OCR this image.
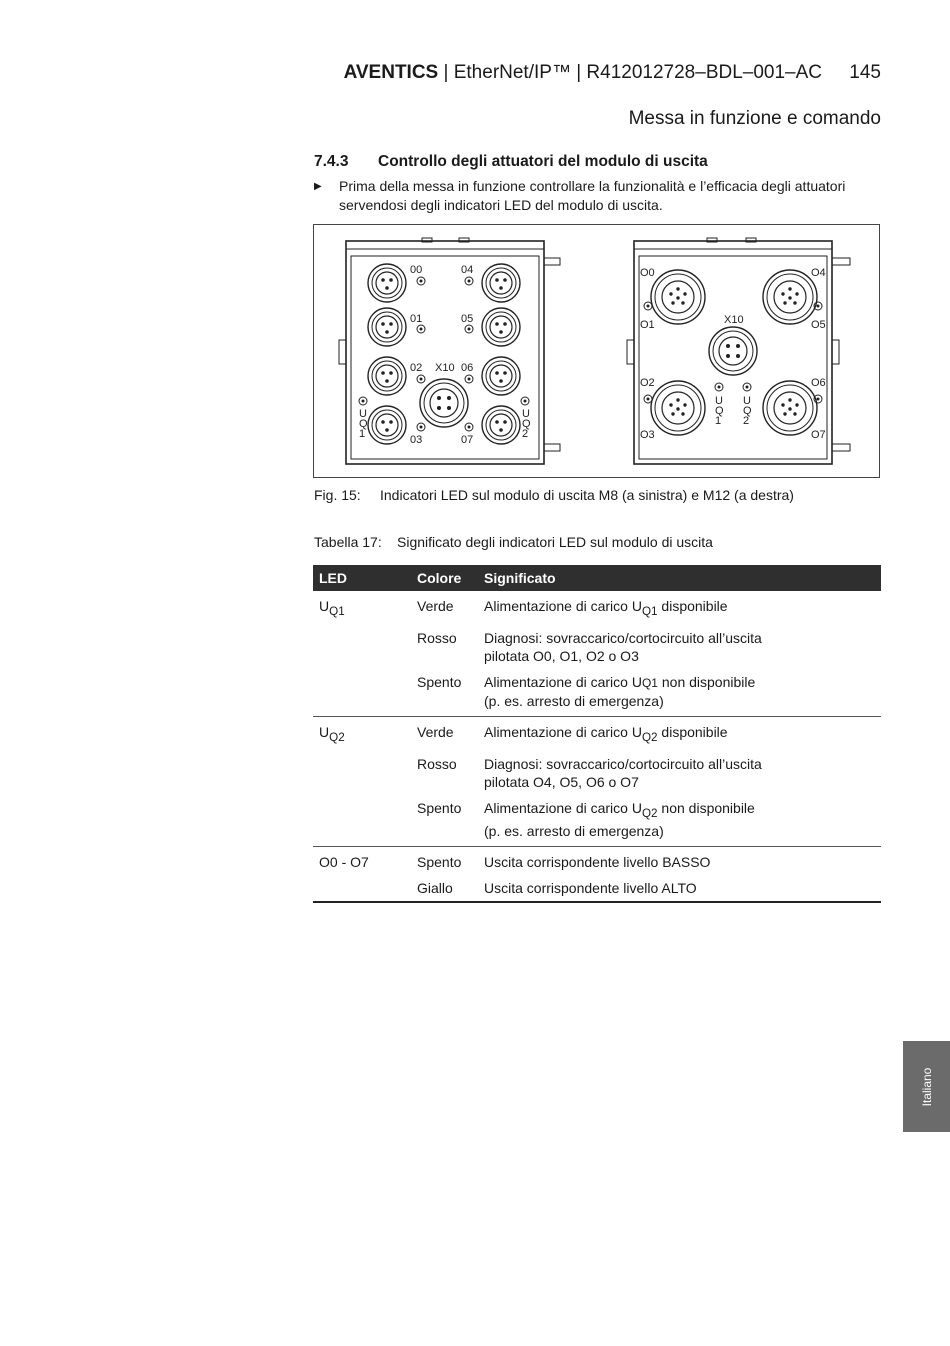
AVENTICS | EtherNet/IP™ | R412012728–BDL–001–AC 145
Messa in funzione e comando
7.4.3 Controllo degli attuatori del modulo di uscita
▶ Prima della messa in funzione controllare la funzionalità e l’efficacia degli attuatori servendosi degli indicatori LED del modulo di uscita.
00
01
02
03
04
05
06
07
X10
U
Q
1
U
Q
2
O0
O1
O4
O5
O2
O3
O6
O7
X10
U
Q
1
U
Q
2
Fig. 15: Indicatori LED sul modulo di uscita M8 (a sinistra) e M12 (a destra)
Tabella 17: Significato degli indicatori LED sul modulo di uscita
LED	Colore	Significato
$U_{Q1}$	Verde	Alimentazione di carico $U_{Q1}$ disponibile
	Rosso	Diagnosi: sovraccarico/cortocircuito all’uscita pilotata O0, O1, O2 o O3
	Spento	Alimentazione di carico UQ1 non disponibile
(p. es. arresto di emergenza)
$U_{Q2}$	Verde	Alimentazione di carico $U_{Q2}$ disponibile
	Rosso	Diagnosi: sovraccarico/cortocircuito all’uscita pilotata O4, O5, O6 o O7
	Spento	Alimentazione di carico $U_{Q2}$ non disponibile
(p. es. arresto di emergenza)
O0 - O7	Spento	Uscita corrispondente livello BASSO
	Giallo	Uscita corrispondente livello ALTO
Italiano
